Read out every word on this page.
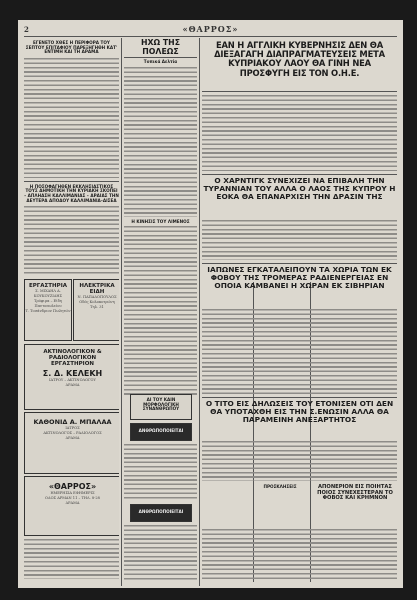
2	«ΘΑΡΡΟΣ»
ΕΓΕΝΕΤΟ ΧΘΕΣ Η ΠΕΡΙΦΟΡΑ ΤΟΥ ΣΕΠΤΟΥ ΕΠΙΤΑΦΙΟΥ ΠΑΡΕΞΗΓΗΘΗ ΚΑΤ' ΕΝΤΙΜΗ ΚΑΙ ΤΗ ΑΡΑΜΑ
Η ΠΟΣΟΦΑΓΗΘΕΝ ΕΚΚΛΗΣΙΑΣΤΙΚΟΣ ΤΟΥΣ ΔΗΜΟΤΙΚΗ ΤΗΝ ΚΥΡΙΑΚΗ ΣΚΟΠΕΙ – ΑΠΛΗΑΣΗ ΚΑΛΛΙΜΑΝΙΑΣ – ΑΡΑΙΑΣ ΤΗΝ ΔΕΥΤΕΡΑ ΑΠΟΔΟΥ ΚΑΛΛΙΜΑΝΙΑ–ΔΙΣΕΑ
ΕΡΓΑΣΤΗΡΙΑ
Σ. ΜΙΧΑΗΛ Α. ΚΟΥΚΟΥΖΙΔΗΣ
Τρόφιμα – Είδη Παντοπωλείου
Τ. Τοσάνδριον Πωλητών
ΗΛΕΚΤΡΙΚΑ ΕΙΔΗ
Ν. ΠΑΠΑΔΟΠΟΥΛΟΣ
Οδός Κολοκοτρώνη
Τηλ. 31
ΑΚΤΙΝΟΛΟΓΙΚΟΝ & ΡΑΔΙΟΛΟΓΙΚΟΝ
ΕΡΓΑΣΤΗΡΙΟΝ
Σ. Δ. ΚΕΛΕΚΗ
ΙΑΤΡΟΥ – ΑΚΤΙΝΟΛΟΓΟΥ
ΔΡΑΜΑ
ΚΑΘΟΝΙΔ Α. ΜΠΑΛΑΑ
ΙΑΤΡΟΣ
ΑΚΤΙΝΟΛΟΓΟΣ – ΡΑΔΙΟΛΟΓΟΣ
ΔΡΑΜΑ
«ΘΑΡΡΟΣ»
ΗΜΕΡΗΣΙΑ ΕΦΗΜΕΡΙΣ
ΟΔΟΣ ΑΡΜΑΝ 11 – ΤΗΛ. 8-28
ΔΡΑΜΑ
ΗΧΩ ΤΗΣ ΠΟΛΕΩΣ
Τοπικά Δελτία
Η ΚΙΝΗΣΙΣ ΤΟΥ ΛΙΜΕΝΟΣ
ΑΙ ΤΟΥ ΚΑΙΝ ΜΟΡΦΟΛΟΓΙΚΗ ΣΥΝΑΝΘΡΩΠΟΥ
ΑΝΘΡΩΠΟΠΟΙΕΙΤΑΙ
ΑΝΘΡΩΠΟΠΟΙΕΙΤΑΙ
ΕΑΝ Η ΑΓΓΛΙΚΗ ΚΥΒΕΡΝΗΣΙΣ ΔΕΝ ΘΑ ΔΙΕΞΑΓΑΓΗ ΔΙΑΠΡΑΓΜΑΤΕΥΣΕΙΣ ΜΕΤΑ ΚΥΠΡΙΑΚΟΥ ΛΑΟΥ ΘΑ ΓΙΝΗ ΝΕΑ ΠΡΟΣΦΥΓΗ ΕΙΣ ΤΟΝ Ο.Η.Ε.
Ο ΧΑΡΝΤΙΓΚ ΣΥΝΕΧΙΖΕΙ ΝΑ ΕΠΙΒΑΛΗ ΤΗΝ ΤΥΡΑΝΝΙΑΝ ΤΟΥ ΑΛΛΑ Ο ΛΑΟΣ ΤΗΣ ΚΥΠΡΟΥ Η ΕΟΚΑ ΘΑ ΕΠΑΝΑΡΧΙΣΗ ΤΗΝ ΔΡΑΣΙΝ ΤΗΣ
ΙΑΠΩΝΕΣ ΕΓΚΑΤΑΛΕΙΠΟΥΝ ΤΑ ΧΩΡΙΑ ΤΩΝ ΕΚ ΦΟΒΟΥ ΤΗΣ ΤΡΟΜΕΡΑΣ ΡΑΔΙΕΝΕΡΓΕΙΑΣ ΕΝ ΟΠΟΙΑ ΚΑΜΒΑΝΕΙ Η ΧΩΡΑΝ ΕΚ ΣΙΒΗΡΙΑΝ
Ο ΤΙΤΟ ΕΙΣ ΔΗΛΩΣΕΙΣ ΤΟΥ ΕΤΟΝΙΣΕΝ ΟΤΙ ΔΕΝ ΘΑ ΥΠΟΤΑΧΘΗ ΕΙΣ ΤΗΝ Σ.ΕΝΩΣΙΝ ΑΛΛΑ ΘΑ ΠΑΡΑΜΕΙΝΗ ΑΝΕΞΑΡΤΗΤΟΣ
ΠΡΟΣΚΛΗΣΕΙΣ	ΑΠΟΝΕΡΙΟΝ ΕΙΣ ΠΟΙΗΤΑΣ ΠΟΙΟΣ ΣΥΝΕΧΕΣΤΕΡΑΝ ΤΟ ΦΟΒΟΣ ΚΑΙ ΚΡΗΜΝΟΝ
